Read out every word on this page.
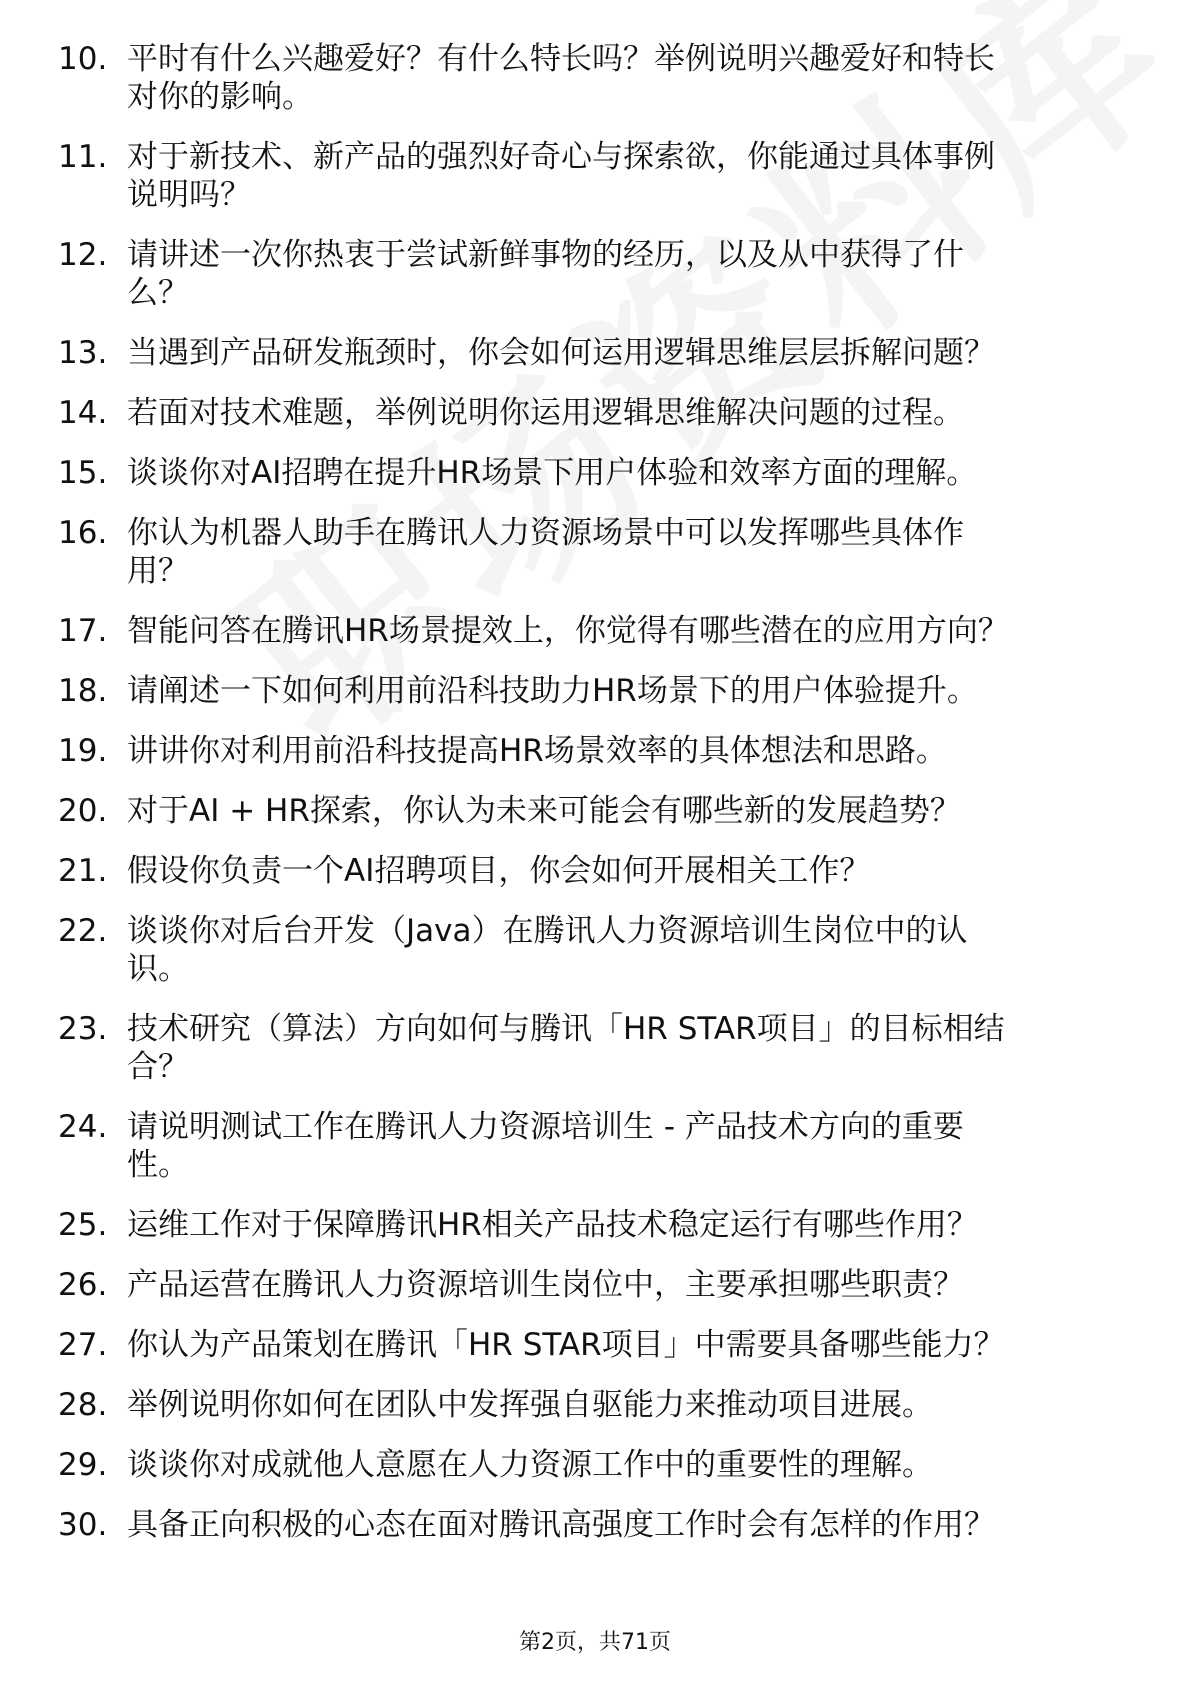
10. 平时有什么兴趣爱好？有什么特长吗？举例说明兴趣爱好和特长
对你的影响。
11. 对于新技术、新产品的强烈好奇心与探索欲，你能通过具体事例
说明吗？
12. 请讲述一次你热衷于尝试新鲜事物的经历，以及从中获得了什
么？
13. 当遇到产品研发瓶颈时，你会如何运用逻辑思维层层拆解问题？
14. 若面对技术难题，举例说明你运用逻辑思维解决问题的过程。
15. 谈谈你对AI招聘在提升HR场景下用户体验和效率方面的理解。
16. 你认为机器人助手在腾讯人力资源场景中可以发挥哪些具体作
用？
17. 智能问答在腾讯HR场景提效上，你觉得有哪些潜在的应用方向？
18. 请阐述一下如何利用前沿科技助力HR场景下的用户体验提升。
19. 讲讲你对利用前沿科技提高HR场景效率的具体想法和思路。
20. 对于AI + HR探索，你认为未来可能会有哪些新的发展趋势？
21. 假设你负责一个AI招聘项目，你会如何开展相关工作？
22. 谈谈你对后台开发（Java）在腾讯人力资源培训生岗位中的认
识。
23. 技术研究（算法）方向如何与腾讯「HR STAR项目」的目标相结
合？
24. 请说明测试工作在腾讯人力资源培训生 - 产品技术方向的重要
性。
25. 运维工作对于保障腾讯HR相关产品技术稳定运行有哪些作用？
26. 产品运营在腾讯人力资源培训生岗位中，主要承担哪些职责？
27. 你认为产品策划在腾讯「HR STAR项目」中需要具备哪些能力？
28. 举例说明你如何在团队中发挥强自驱能力来推动项目进展。
29. 谈谈你对成就他人意愿在人力资源工作中的重要性的理解。
30. 具备正向积极的心态在面对腾讯高强度工作时会有怎样的作用？
第2页，共71页
